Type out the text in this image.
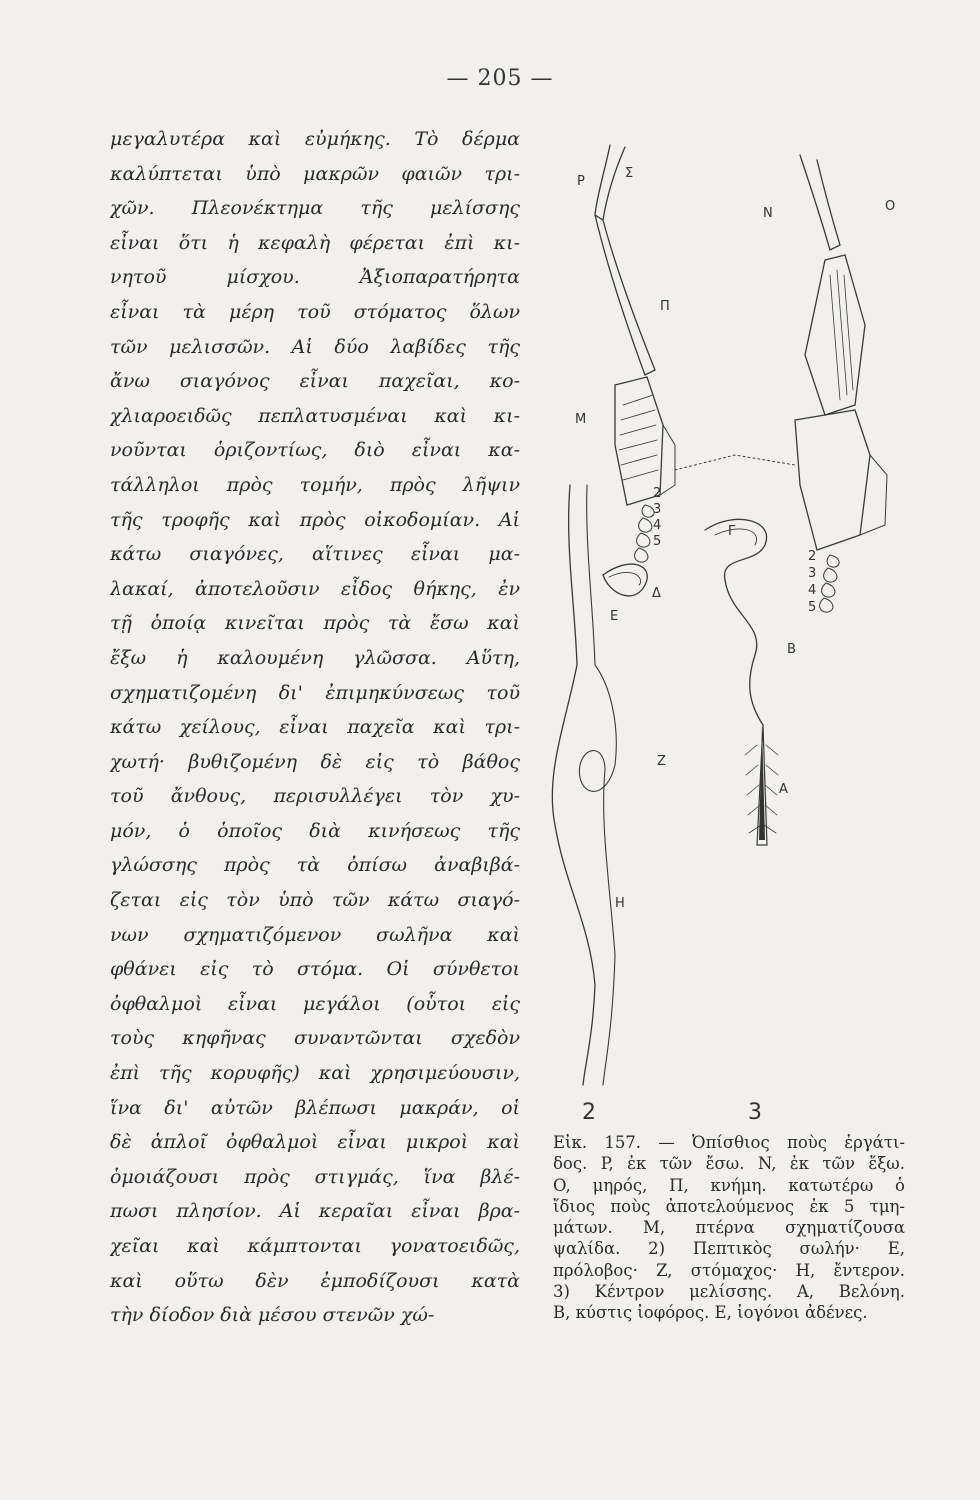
— 205 —
μεγαλυτέρα καὶ εὐμήκης. Τὸ δέρμα
καλύπτεται ὑπὸ μακρῶν φαιῶν τρι-
χῶν. Πλεονέκτημα τῆς μελίσσης
εἶναι ὅτι ἡ κεφαλὴ φέρεται ἐπὶ κι-
νητοῦ μίσχου. Ἀξιοπαρατήρητα
εἶναι τὰ μέρη τοῦ στόματος ὅλων
τῶν μελισσῶν. Αἱ δύο λαβίδες τῆς
ἄνω σιαγόνος εἶναι παχεῖαι, κο-
χλιαροειδῶς πεπλατυσμέναι καὶ κι-
νοῦνται ὁριζοντίως, διὸ εἶναι κα-
τάλληλοι πρὸς τομήν, πρὸς λῆψιν
τῆς τροφῆς καὶ πρὸς οἰκοδομίαν. Αἱ
κάτω σιαγόνες, αἵτινες εἶναι μα-
λακαί, ἀποτελοῦσιν εἶδος θήκης, ἐν
τῇ ὁποίᾳ κινεῖται πρὸς τὰ ἔσω καὶ
ἔξω ἡ καλουμένη γλῶσσα. Αὕτη,
σχηματιζομένη δι' ἐπιμηκύνσεως τοῦ
κάτω χείλους, εἶναι παχεῖα καὶ τρι-
χωτή· βυθιζομένη δὲ εἰς τὸ βάθος
τοῦ ἄνθους, περισυλλέγει τὸν χυ-
μόν, ὁ ὁποῖος διὰ κινήσεως τῆς
γλώσσης πρὸς τὰ ὀπίσω ἀναβιβά-
ζεται εἰς τὸν ὑπὸ τῶν κάτω σιαγό-
νων σχηματιζόμενον σωλῆνα καὶ
φθάνει εἰς τὸ στόμα. Οἱ σύνθετοι
ὀφθαλμοὶ εἶναι μεγάλοι (οὗτοι εἰς
τοὺς κηφῆνας συναντῶνται σχεδὸν
ἐπὶ τῆς κορυφῆς) καὶ χρησιμεύουσιν,
ἵνα δι' αὐτῶν βλέπωσι μακράν, οἱ
δὲ ἁπλοῖ ὀφθαλμοὶ εἶναι μικροὶ καὶ
ὁμοιάζουσι πρὸς στιγμάς, ἵνα βλέ-
πωσι πλησίον. Αἱ κεραῖαι εἶναι βρα-
χεῖαι καὶ κάμπτονται γονατοειδῶς,
καὶ οὕτω δὲν ἐμποδίζουσι κατὰ
τὴν δίοδον διὰ μέσου στενῶν χώ-
P
Σ
N	O
Π
M
Γ
Δ
E
B
Z
H
A
2
3
4
5
2
3
4
5
2	3
Εἰκ. 157. — Ὀπίσθιος ποὺς ἐργάτι-
δος. P, ἐκ τῶν ἔσω. N, ἐκ τῶν ἔξω.
O, μηρός, Π, κνήμη. κατωτέρω ὁ
ἴδιος ποὺς ἀποτελούμενος ἐκ 5 τμη-
μάτων. M, πτέρνα σχηματίζουσα
ψαλίδα. 2) Πεπτικὸς σωλήν· E,
πρόλοβος· Z, στόμαχος· H, ἔντερον.
3) Κέντρον μελίσσης. A, Βελόνη.
B, κύστις ἰοφόρος. E, ἰογόνοι ἀδένες.
